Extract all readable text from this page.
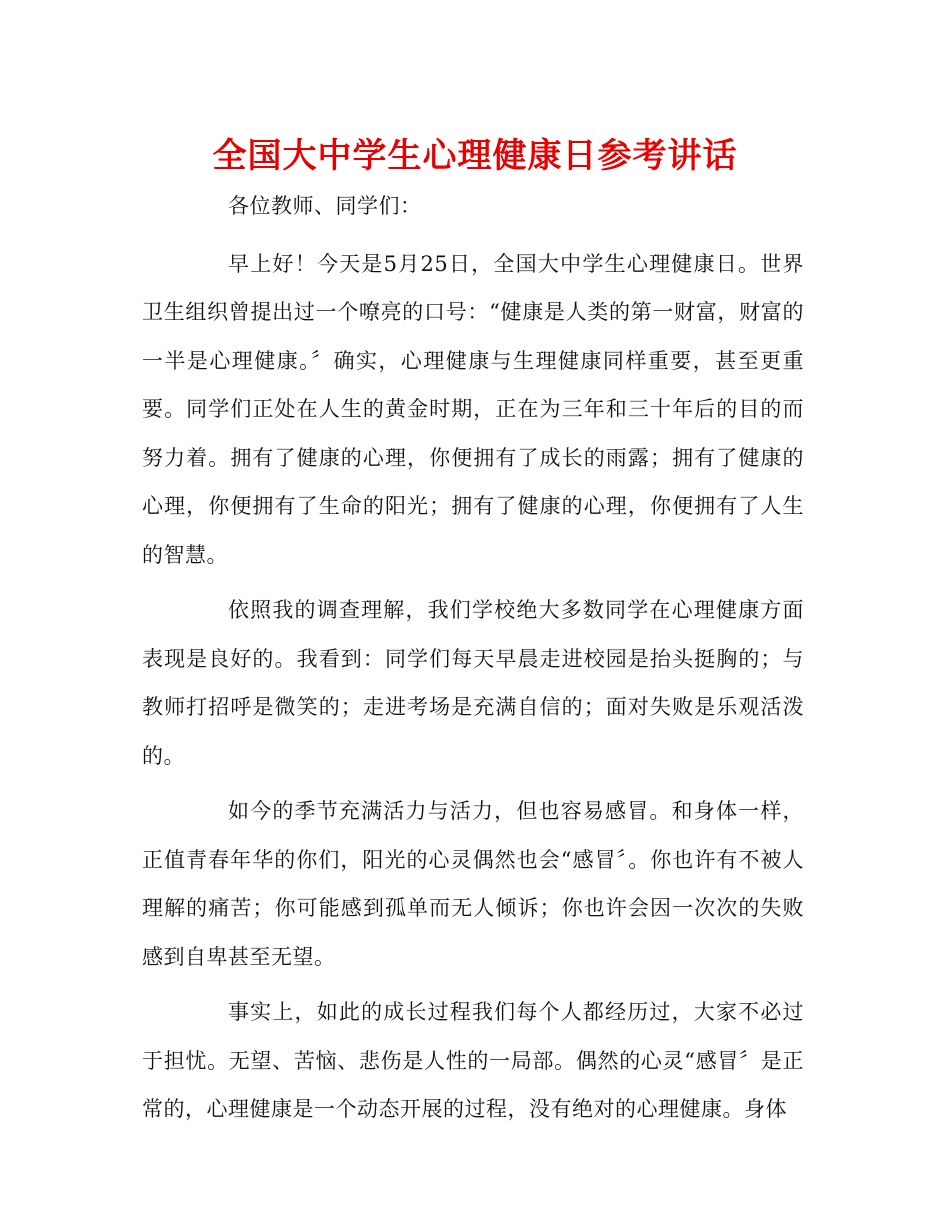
全国大中学生心理健康日参考讲话

各位教师、同学们：

早上好！今天是5月25日，全国大中学生心理健康日。世界卫生组织曾提出过一个嘹亮的口号：“健康是人类的第一财富，财富的一半是心理健康。〞确实，心理健康与生理健康同样重要，甚至更重要。同学们正处在人生的黄金时期，正在为三年和三十年后的目的而努力着。拥有了健康的心理，你便拥有了成长的雨露；拥有了健康的心理，你便拥有了生命的阳光；拥有了健康的心理，你便拥有了人生的智慧。

依照我的调查理解，我们学校绝大多数同学在心理健康方面表现是良好的。我看到：同学们每天早晨走进校园是抬头挺胸的；与教师打招呼是微笑的；走进考场是充满自信的；面对失败是乐观活泼的。

如今的季节充满活力与活力，但也容易感冒。和身体一样，正值青春年华的你们，阳光的心灵偶然也会“感冒〞。你也许有不被人理解的痛苦；你可能感到孤单而无人倾诉；你也许会因一次次的失败感到自卑甚至无望。

事实上，如此的成长过程我们每个人都经历过，大家不必过于担忧。无望、苦恼、悲伤是人性的一局部。偶然的心灵“感冒〞是正常的，心理健康是一个动态开展的过程，没有绝对的心理健康。身体
